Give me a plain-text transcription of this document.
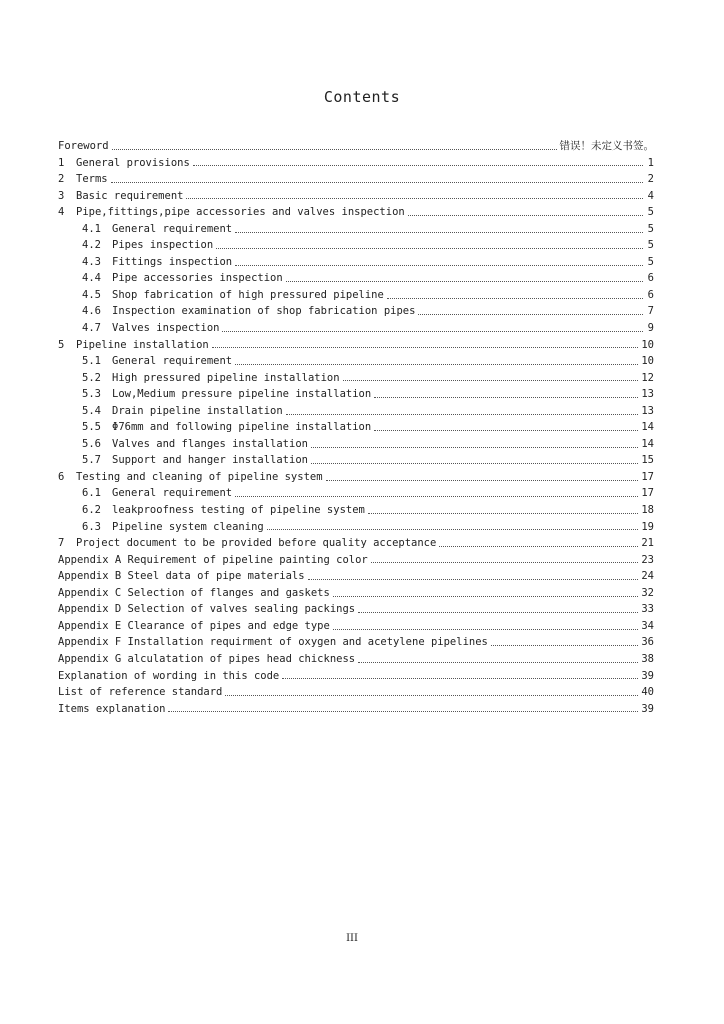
Contents
Foreword	错误！未定义书签。
1	General provisions	1
2	Terms	2
3	Basic requirement	4
4	Pipe,fittings,pipe accessories and valves inspection	5
4.1	General requirement	5
4.2	Pipes inspection	5
4.3	Fittings inspection	5
4.4	Pipe accessories inspection	6
4.5	Shop fabrication of high pressured pipeline	6
4.6	Inspection examination of shop fabrication pipes	7
4.7	Valves inspection	9
5	Pipeline installation	10
5.1	General requirement	10
5.2	High pressured pipeline installation	12
5.3	Low,Medium pressure pipeline installation	13
5.4	Drain pipeline installation	13
5.5	Φ76mm and following pipeline installation	14
5.6	Valves and flanges installation	14
5.7	Support and hanger installation	15
6	Testing and cleaning of pipeline system	17
6.1	General requirement	17
6.2	leakproofness testing of pipeline system	18
6.3	Pipeline system cleaning	19
7	Project document to be provided before quality acceptance	21
Appendix A Requirement of pipeline painting color	23
Appendix B Steel data of pipe materials	24
Appendix C Selection of flanges and gaskets	32
Appendix D Selection of valves sealing packings	33
Appendix E Clearance of pipes and edge type	34
Appendix F Installation requirment of oxygen and acetylene pipelines	36
Appendix G alculatation of pipes head chickness	38
Explanation of wording in this code	39
List of reference standard	40
Items explanation	39
III
